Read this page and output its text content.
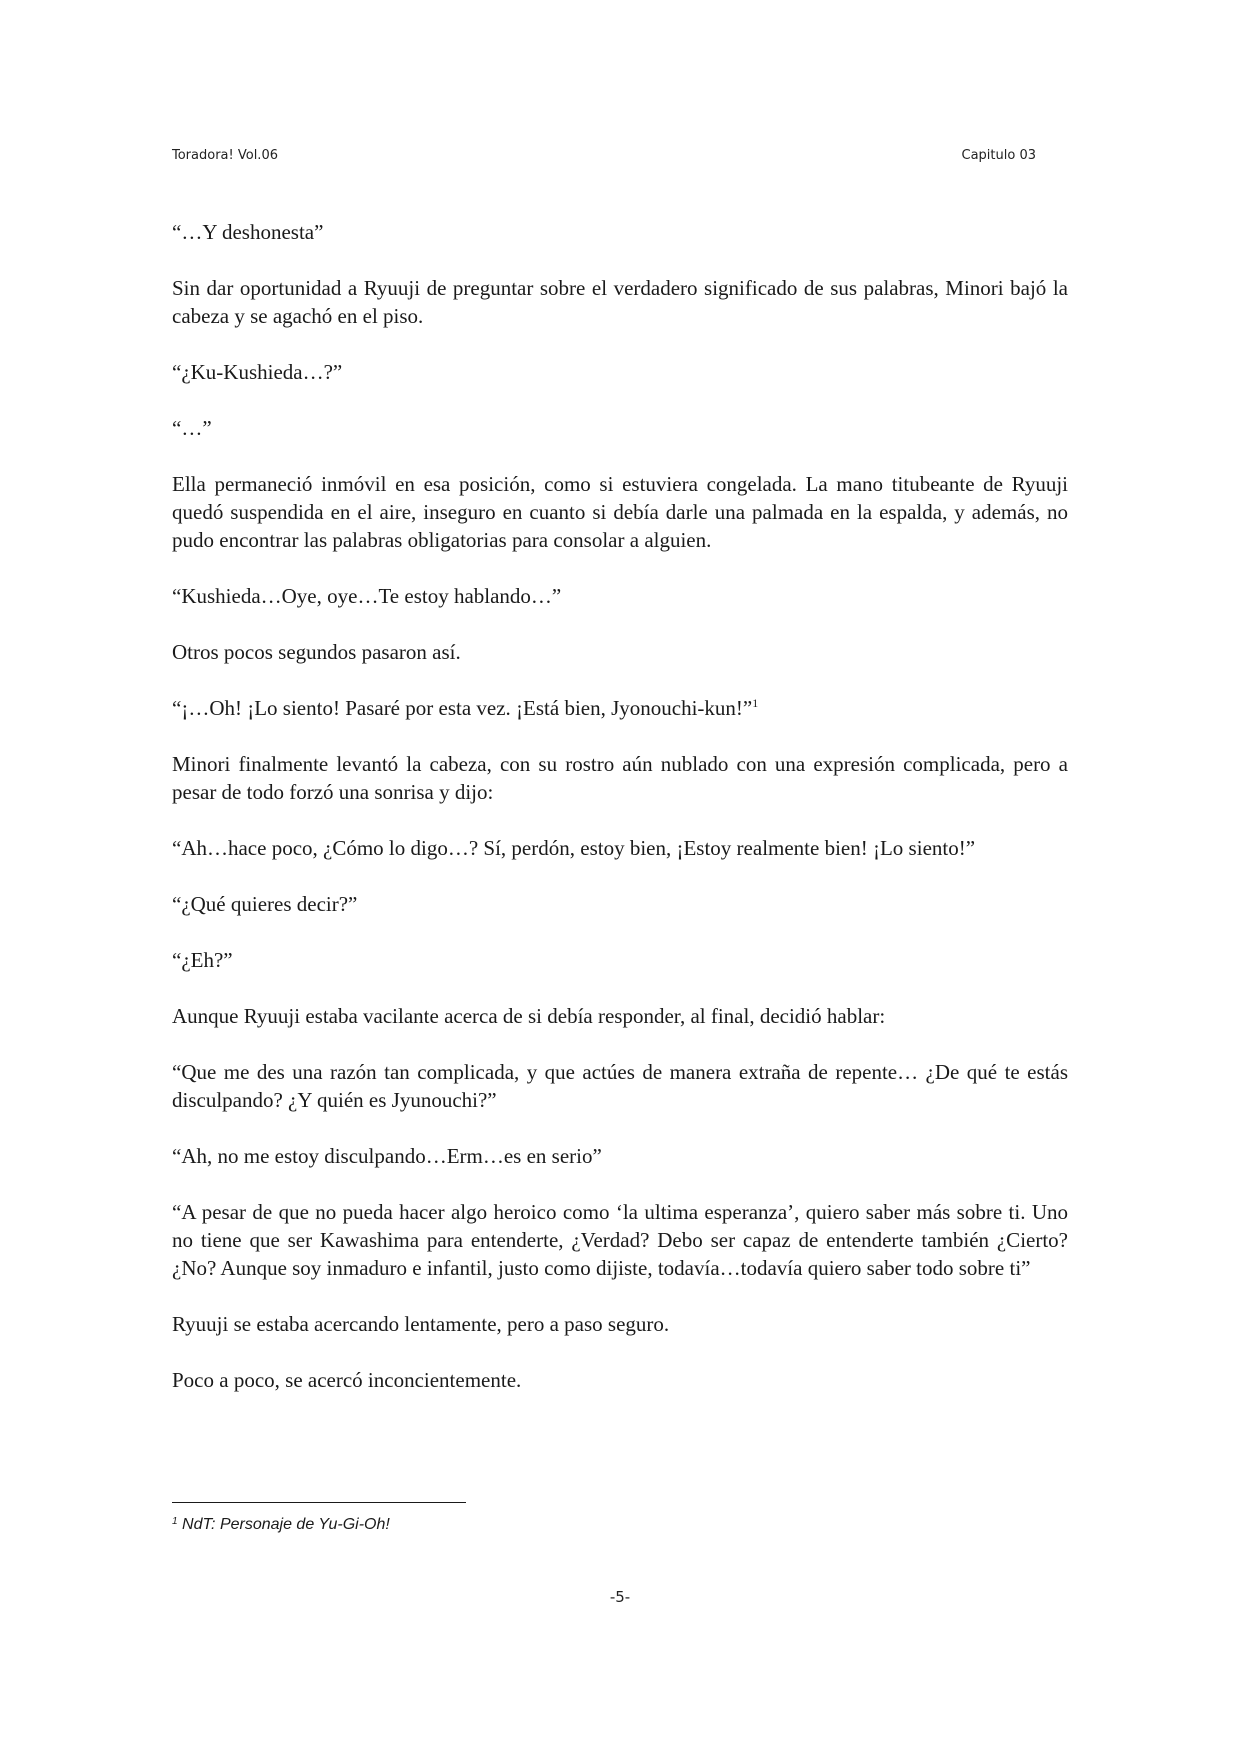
Toradora! Vol.06	Capitulo 03

“…Y deshonesta”

Sin dar oportunidad a Ryuuji de preguntar sobre el verdadero significado de sus palabras, Minori bajó la cabeza y se agachó en el piso.

“¿Ku-Kushieda…?”

“…”

Ella permaneció inmóvil en esa posición, como si estuviera congelada. La mano titubeante de Ryuuji quedó suspendida en el aire, inseguro en cuanto si debía darle una palmada en la espalda, y además, no pudo encontrar las palabras obligatorias para consolar a alguien.

“Kushieda…Oye, oye…Te estoy hablando…”

Otros pocos segundos pasaron así.

“¡…Oh! ¡Lo siento! Pasaré por esta vez. ¡Está bien, Jyonouchi-kun!”$^1$

Minori finalmente levantó la cabeza, con su rostro aún nublado con una expresión complicada, pero a pesar de todo forzó una sonrisa y dijo:

“Ah…hace poco, ¿Cómo lo digo…? Sí, perdón, estoy bien, ¡Estoy realmente bien! ¡Lo siento!”

“¿Qué quieres decir?”

“¿Eh?”

Aunque Ryuuji estaba vacilante acerca de si debía responder, al final, decidió hablar:

“Que me des una razón tan complicada, y que actúes de manera extraña de repente… ¿De qué te estás disculpando? ¿Y quién es Jyunouchi?”

“Ah, no me estoy disculpando…Erm…es en serio”

“A pesar de que no pueda hacer algo heroico como ‘la ultima esperanza’, quiero saber más sobre ti. Uno no tiene que ser Kawashima para entenderte, ¿Verdad? Debo ser capaz de entenderte también ¿Cierto? ¿No? Aunque soy inmaduro e infantil, justo como dijiste, todavía…todavía quiero saber todo sobre ti”

Ryuuji se estaba acercando lentamente, pero a paso seguro.

Poco a poco, se acercó inconcientemente.

$^1$ NdT: Personaje de Yu-Gi-Oh!
-5-
